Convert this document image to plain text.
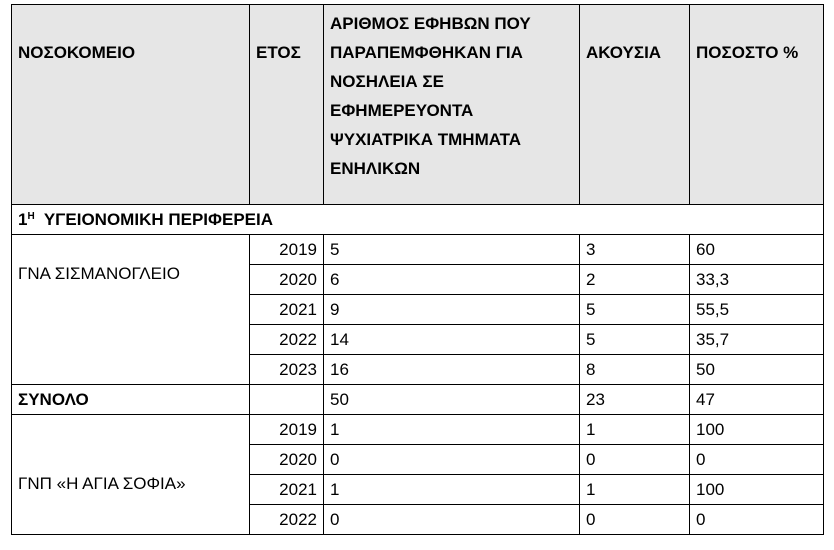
ΝΟΣΟΚΟΜΕΙΟ	ΕΤΟΣ	ΑΡΙΘΜΟΣ ΕΦΗΒΩΝ ΠΟΥ ΠΑΡΑΠΕΜΦΘΗΚΑΝ ΓΙΑ ΝΟΣΗΛΕΙΑ ΣΕ ΕΦΗΜΕΡΕΥΟΝΤΑ ΨΥΧΙΑΤΡΙΚΑ ΤΜΗΜΑΤΑ ΕΝΗΛΙΚΩΝ	ΑΚΟΥΣΙΑ	ΠΟΣΟΣΤΟ %
$1^H$ ΥΓΕΙΟΝΟΜΙΚΗ ΠΕΡΙΦΕΡΕΙΑ				
ΓΝΑ ΣΙΣΜΑΝΟΓΛΕΙΟ	2019	5	3	60
	2020	6	2	33,3
	2021	9	5	55,5
	2022	14	5	35,7
	2023	16	8	50
ΣΥΝΟΛΟ		50	23	47
ΓΝΠ «Η ΑΓΙΑ ΣΟΦΙΑ»	2019	1	1	100
	2020	0	0	0
	2021	1	1	100
	2022	0	0	0
